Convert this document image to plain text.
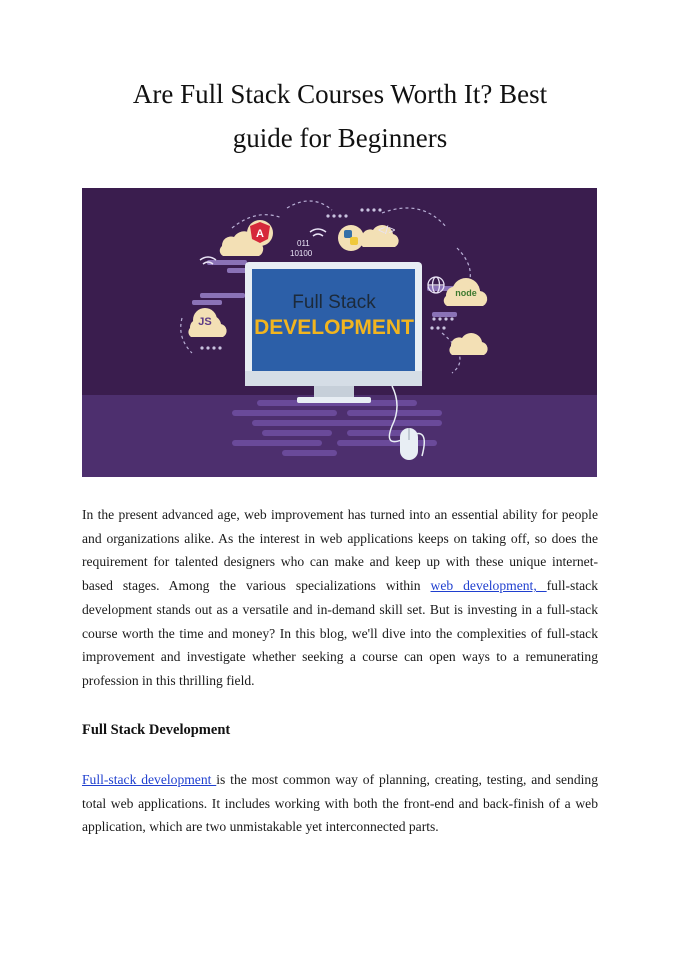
Are Full Stack Courses Worth It? Best
guide for Beginners
A
011
10100
</>
JS
node
Full Stack
DEVELOPMENT

In the present advanced age, web improvement has turned into an essential ability for people and organizations alike. As the interest in web applications keeps on taking off, so does the requirement for talented designers who can make and keep up with these unique internet-based stages. Among the various specializations within web development, full-stack development stands out as a versatile and in-demand skill set. But is investing in a full-stack course worth the time and money? In this blog, we'll dive into the complexities of full-stack improvement and investigate whether seeking a course can open ways to a remunerating profession in this thrilling field.

Full Stack Development

Full-stack development is the most common way of planning, creating, testing, and sending total web applications. It includes working with both the front-end and back-finish of a web application, which are two unmistakable yet interconnected parts.
